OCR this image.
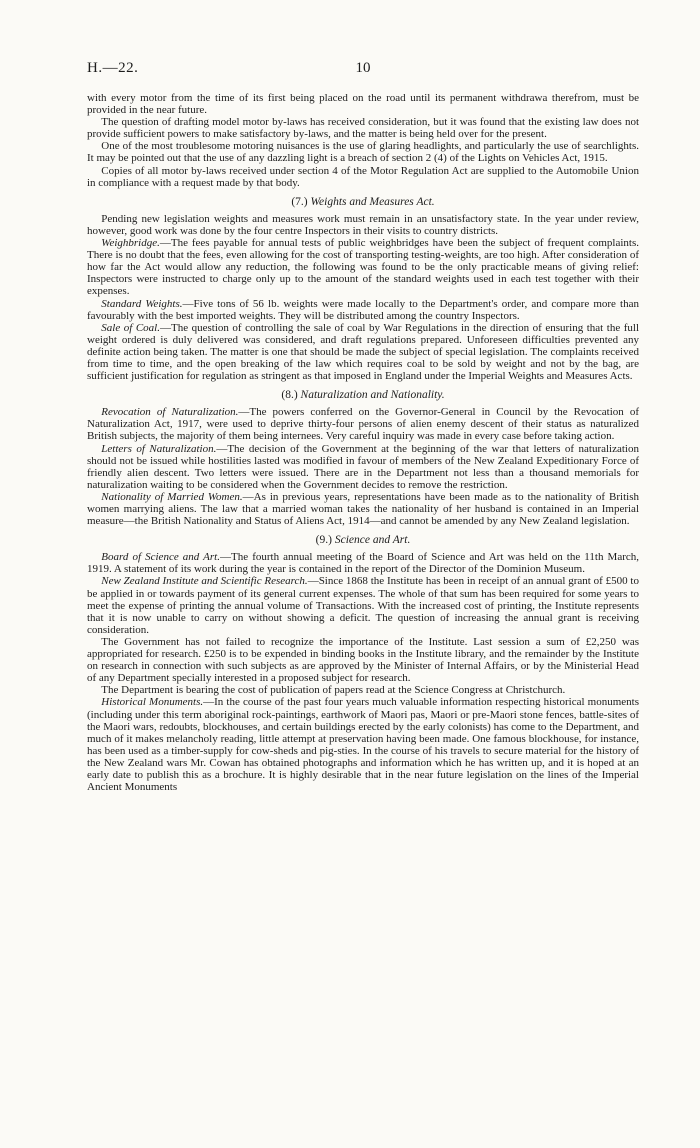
H.—22.	10

with every motor from the time of its first being placed on the road until its permanent withdrawa therefrom, must be provided in the near future.

The question of drafting model motor by-laws has received consideration, but it was found that the existing law does not provide sufficient powers to make satisfactory by-laws, and the matter is being held over for the present.

One of the most troublesome motoring nuisances is the use of glaring headlights, and particularly the use of searchlights. It may be pointed out that the use of any dazzling light is a breach of section 2 (4) of the Lights on Vehicles Act, 1915.

Copies of all motor by-laws received under section 4 of the Motor Regulation Act are supplied to the Automobile Union in compliance with a request made by that body.

(7.) Weights and Measures Act.

Pending new legislation weights and measures work must remain in an unsatisfactory state. In the year under review, however, good work was done by the four centre Inspectors in their visits to country districts.

Weighbridge.—The fees payable for annual tests of public weighbridges have been the subject of frequent complaints. There is no doubt that the fees, even allowing for the cost of transporting testing-weights, are too high. After consideration of how far the Act would allow any reduction, the following was found to be the only practicable means of giving relief: Inspectors were instructed to charge only up to the amount of the standard weights used in each test together with their expenses.

Standard Weights.—Five tons of 56 lb. weights were made locally to the Department's order, and compare more than favourably with the best imported weights. They will be distributed among the country Inspectors.

Sale of Coal.—The question of controlling the sale of coal by War Regulations in the direction of ensuring that the full weight ordered is duly delivered was considered, and draft regulations prepared. Unforeseen difficulties prevented any definite action being taken. The matter is one that should be made the subject of special legislation. The complaints received from time to time, and the open breaking of the law which requires coal to be sold by weight and not by the bag, are sufficient justification for regulation as stringent as that imposed in England under the Imperial Weights and Measures Acts.

(8.) Naturalization and Nationality.

Revocation of Naturalization.—The powers conferred on the Governor-General in Council by the Revocation of Naturalization Act, 1917, were used to deprive thirty-four persons of alien enemy descent of their status as naturalized British subjects, the majority of them being internees. Very careful inquiry was made in every case before taking action.

Letters of Naturalization.—The decision of the Government at the beginning of the war that letters of naturalization should not be issued while hostilities lasted was modified in favour of members of the New Zealand Expeditionary Force of friendly alien descent. Two letters were issued. There are in the Department not less than a thousand memorials for naturalization waiting to be considered when the Government decides to remove the restriction.

Nationality of Married Women.—As in previous years, representations have been made as to the nationality of British women marrying aliens. The law that a married woman takes the nationality of her husband is contained in an Imperial measure—the British Nationality and Status of Aliens Act, 1914—and cannot be amended by any New Zealand legislation.

(9.) Science and Art.

Board of Science and Art.—The fourth annual meeting of the Board of Science and Art was held on the 11th March, 1919. A statement of its work during the year is contained in the report of the Director of the Dominion Museum.

New Zealand Institute and Scientific Research.—Since 1868 the Institute has been in receipt of an annual grant of £500 to be applied in or towards payment of its general current expenses. The whole of that sum has been required for some years to meet the expense of printing the annual volume of Transactions. With the increased cost of printing, the Institute represents that it is now unable to carry on without showing a deficit. The question of increasing the annual grant is receiving consideration.

The Government has not failed to recognize the importance of the Institute. Last session a sum of £2,250 was appropriated for research. £250 is to be expended in binding books in the Institute library, and the remainder by the Institute on research in connection with such subjects as are approved by the Minister of Internal Affairs, or by the Ministerial Head of any Department specially interested in a proposed subject for research.

The Department is bearing the cost of publication of papers read at the Science Congress at Christchurch.

Historical Monuments.—In the course of the past four years much valuable information respecting historical monuments (including under this term aboriginal rock-paintings, earthwork of Maori pas, Maori or pre-Maori stone fences, battle-sites of the Maori wars, redoubts, blockhouses, and certain buildings erected by the early colonists) has come to the Department, and much of it makes melancholy reading, little attempt at preservation having been made. One famous blockhouse, for instance, has been used as a timber-supply for cow-sheds and pig-sties. In the course of his travels to secure material for the history of the New Zealand wars Mr. Cowan has obtained photographs and information which he has written up, and it is hoped at an early date to publish this as a brochure. It is highly desirable that in the near future legislation on the lines of the Imperial Ancient Monuments
